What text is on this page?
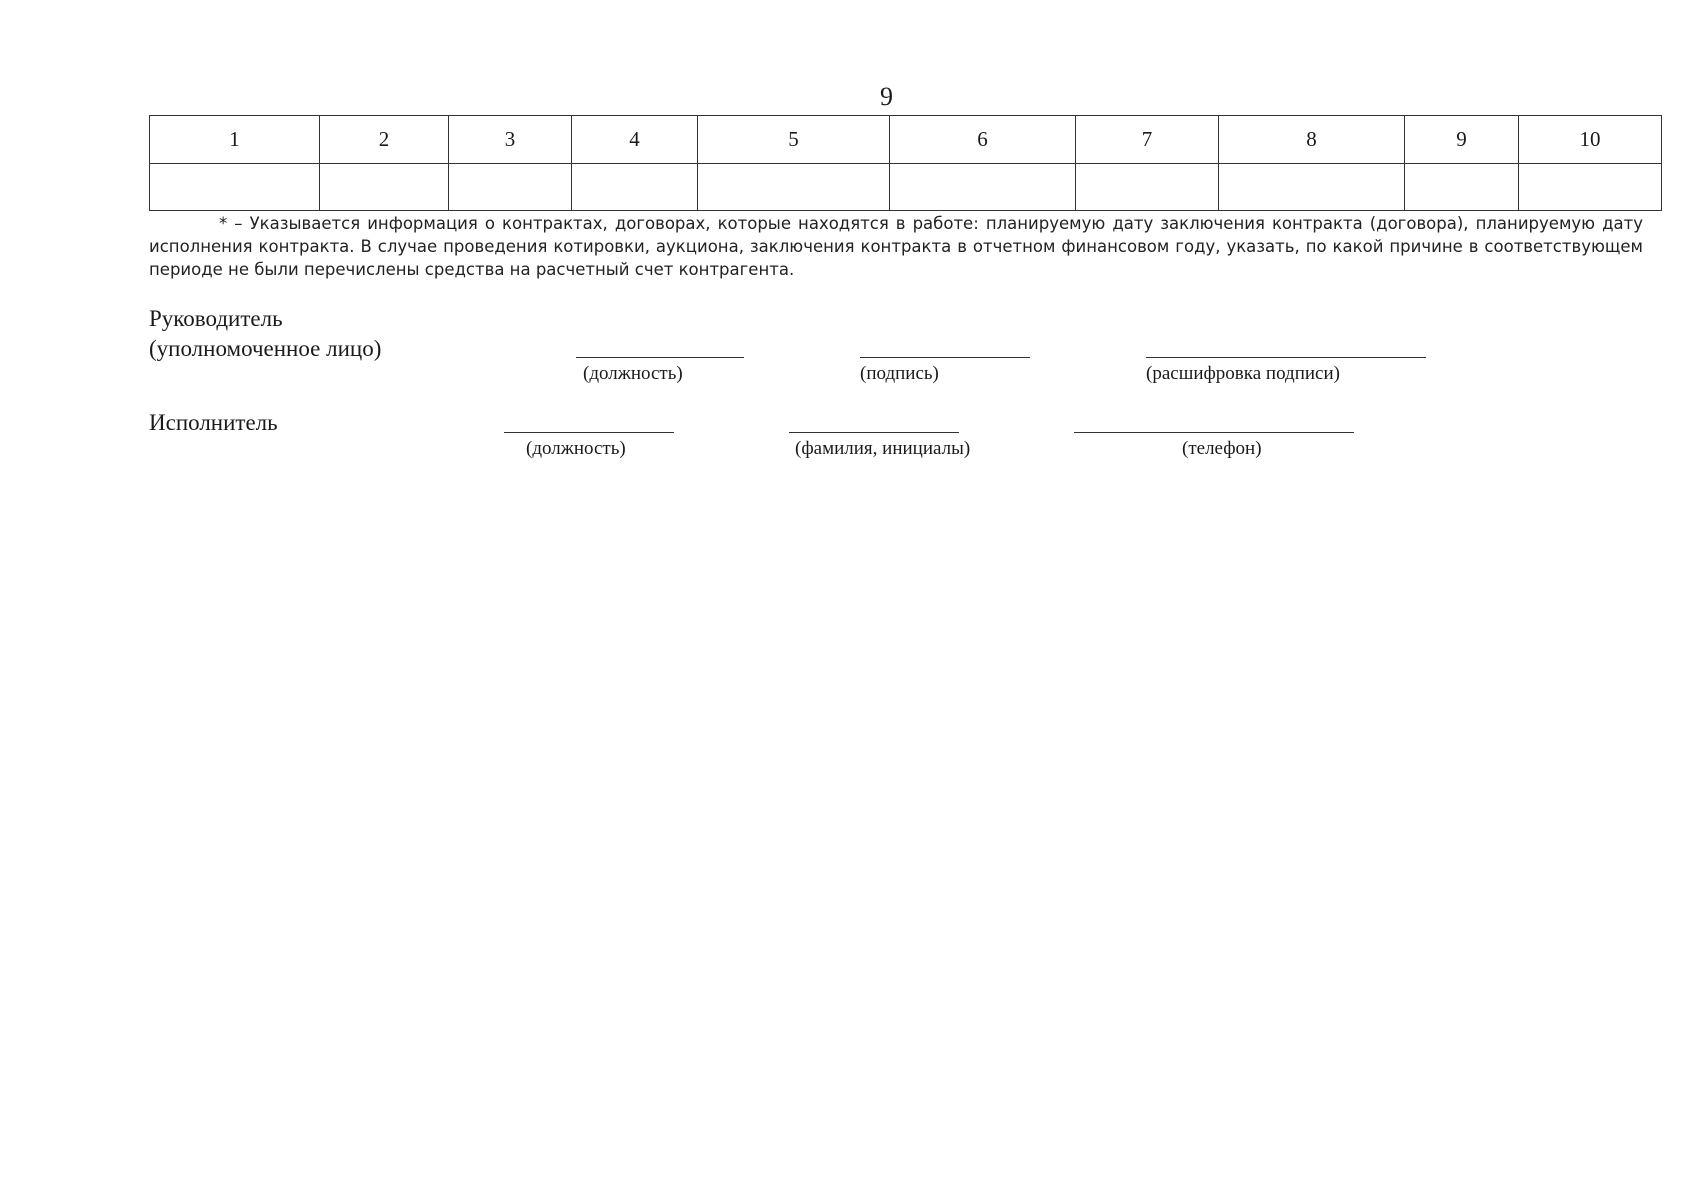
9
1	2	3	4	5	6	7	8	9	10

* – Указывается информация о контрактах, договорах, которые находятся в работе: планируемую дату заключения контракта (договора), планируемую дату исполнения контракта. В случае проведения котировки, аукциона, заключения контракта в отчетном финансовом году, указать, по какой причине в соответствующем периоде не были перечислены средства на расчетный счет контрагента.
Руководитель
(уполномоченное лицо)
(должность)	(подпись)	(расшифровка подписи)
Исполнитель
(должность)	(фамилия, инициалы)	(телефон)
